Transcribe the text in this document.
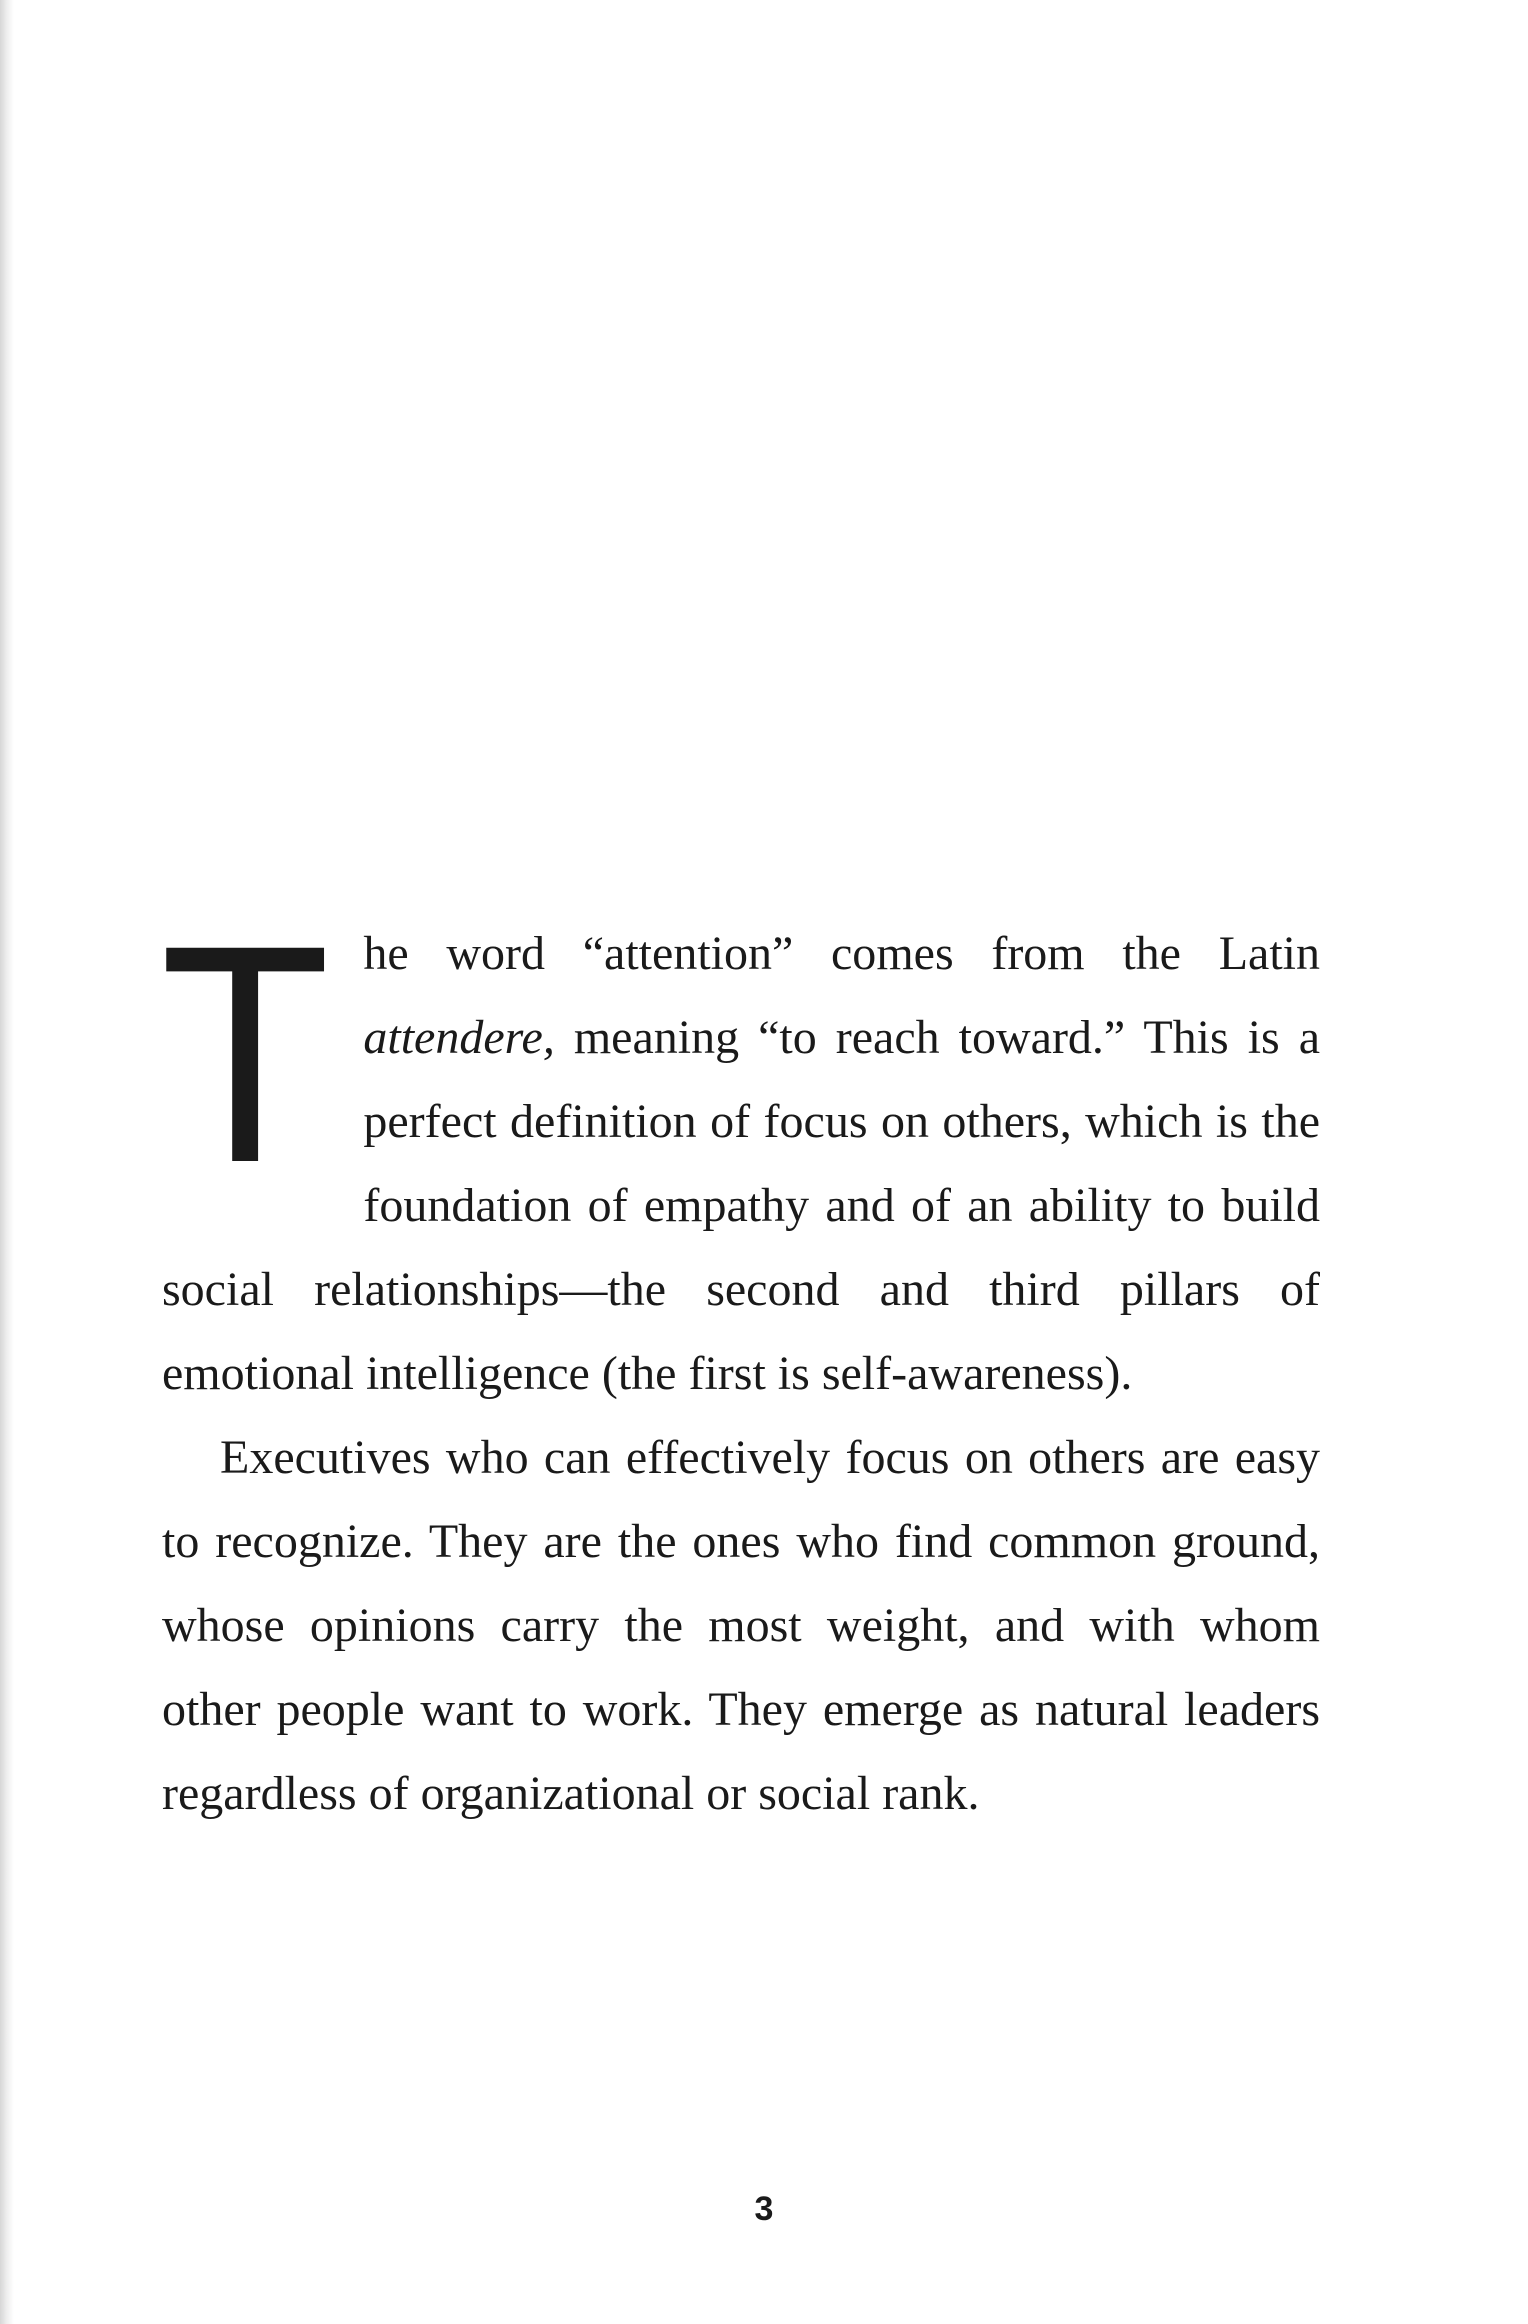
The word “attention” comes from the Latin attendere, meaning “to reach toward.” This is a perfect definition of focus on others, which is the foundation of empathy and of an ability to build social relationships—the second and third pillars of emotional intelligence (the first is self-awareness).

Executives who can effectively focus on others are easy to recognize. They are the ones who find common ground, whose opinions carry the most weight, and with whom other people want to work. They emerge as natural leaders regardless of organizational or social rank.

3
